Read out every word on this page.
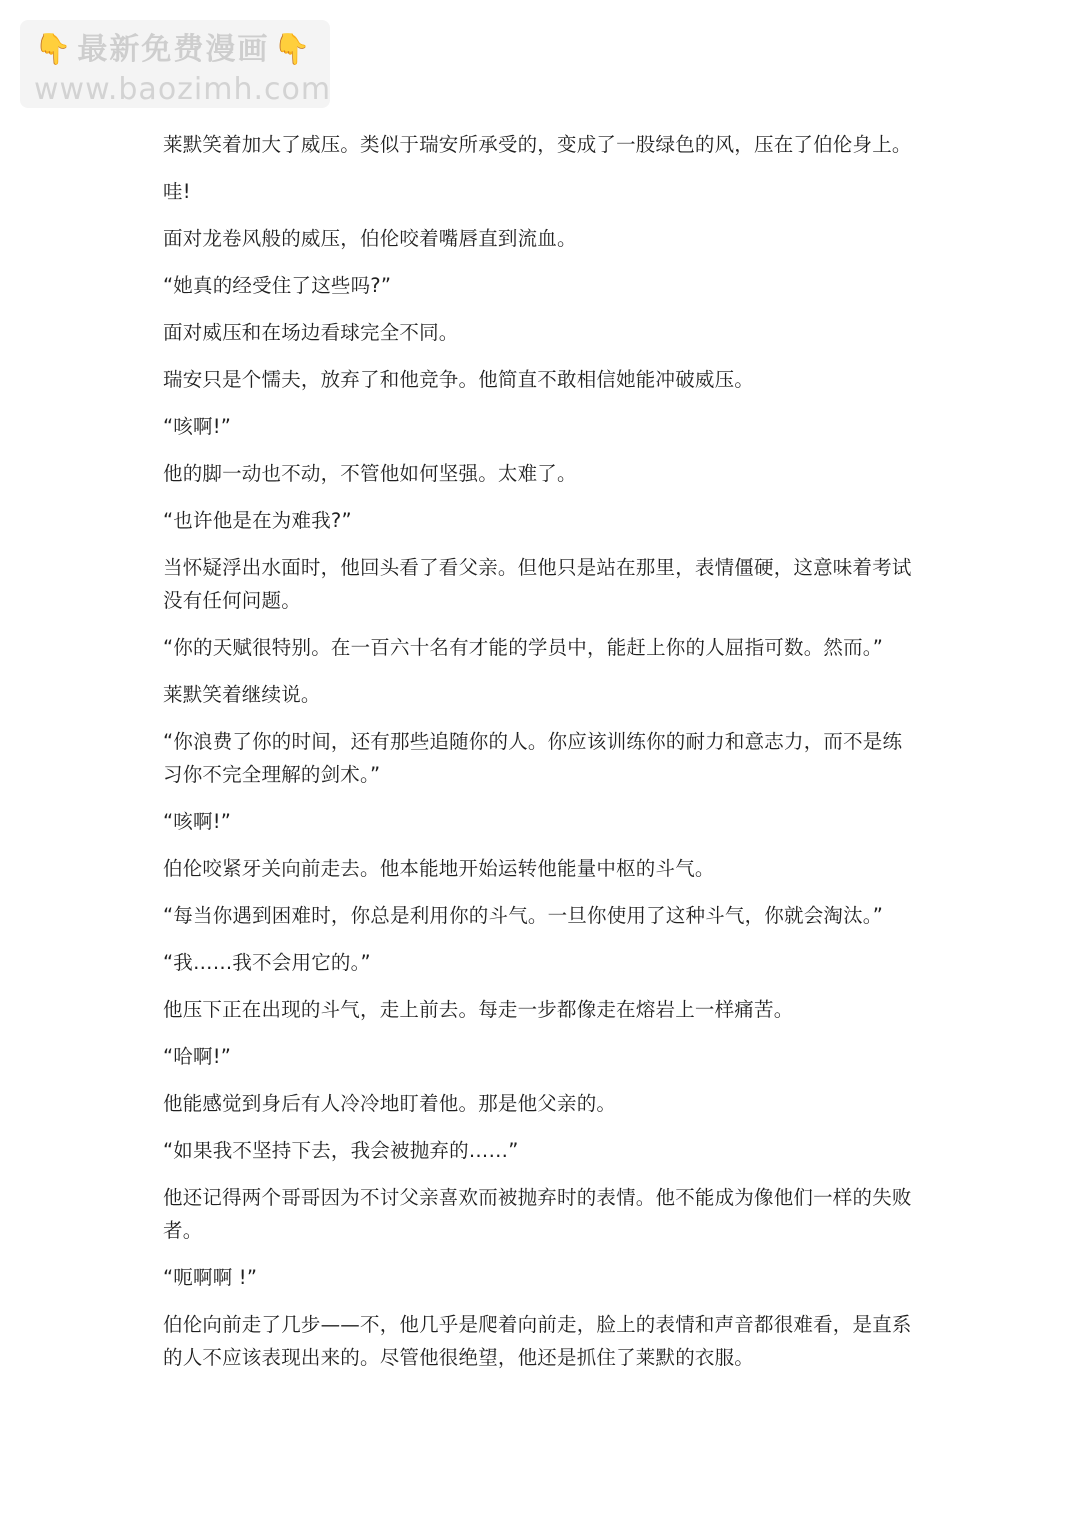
👇 最新免费漫画 👇
www.baozimh.com

莱默笑着加大了威压。类似于瑞安所承受的，变成了一股绿色的风，压在了伯伦身上。

哇!

面对龙卷风般的威压，伯伦咬着嘴唇直到流血。

“她真的经受住了这些吗?”

面对威压和在场边看球完全不同。

瑞安只是个懦夫，放弃了和他竞争。他简直不敢相信她能冲破威压。

“咳啊!”

他的脚一动也不动，不管他如何坚强。太难了。

“也许他是在为难我?”

当怀疑浮出水面时，他回头看了看父亲。但他只是站在那里，表情僵硬，这意味着考试没有任何问题。

“你的天赋很特别。在一百六十名有才能的学员中，能赶上你的人屈指可数。然而。”

莱默笑着继续说。

“你浪费了你的时间，还有那些追随你的人。你应该训练你的耐力和意志力，而不是练习你不完全理解的剑术。”

“咳啊!”

伯伦咬紧牙关向前走去。他本能地开始运转他能量中枢的斗气。

“每当你遇到困难时，你总是利用你的斗气。一旦你使用了这种斗气，你就会淘汰。”

“我……我不会用它的。”

他压下正在出现的斗气，走上前去。每走一步都像走在熔岩上一样痛苦。

“哈啊!”

他能感觉到身后有人冷冷地盯着他。那是他父亲的。

“如果我不坚持下去，我会被抛弃的……”

他还记得两个哥哥因为不讨父亲喜欢而被抛弃时的表情。他不能成为像他们一样的失败者。

“呃啊啊 !”

伯伦向前走了几步——不，他几乎是爬着向前走，脸上的表情和声音都很难看，是直系的人不应该表现出来的。尽管他很绝望，他还是抓住了莱默的衣服。
